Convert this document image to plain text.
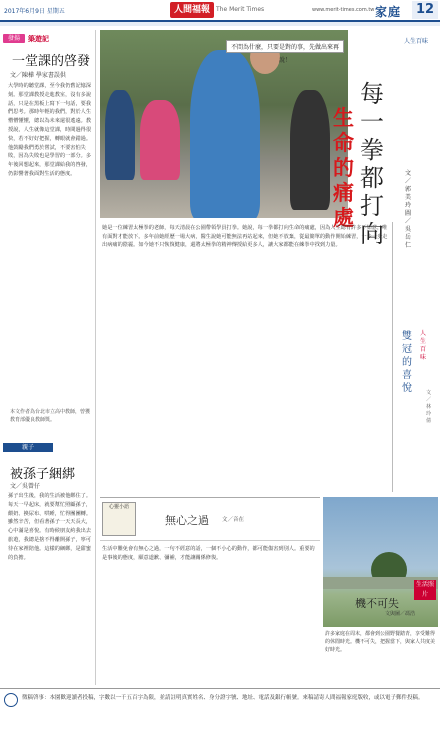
2017年6月9日 星期五	人間福報	The Merit Times	www.merit-times.com.tw 家庭	12
發揚	築遊記
一堂課的啓發
文／陳樺 學家書誤供
大學時的聽堂課，至今我仍舊記憶深刻。那堂課教授走進教室，沒有多說話，只是在黑板上寫下一句話，要我們思考。那時年輕的我們，對於人生懵懵懂懂，總以為未來還很遙遠。教授說，人生就像這堂課，時間過得很快，若不好好把握，轉眼就會錯過。他鼓勵我們勇於嘗試，不要害怕失敗，因為失敗也是學習的一部分。多年後回想起來，那堂課給我的啓發，仍影響著我面對生活的態度。
本文作者為台北市立高中教師，曾獲教育部優良教師獎。
親子
被孫子綑綁
文／吳曾仔
孫子出生後，我的生活被他綁住了。每天一早起床，就要幫忙照顧孫子，餵奶、換尿布、哄睡，忙得團團轉。雖然辛苦，但看著孫子一天天長大，心中滿是喜悅。有時候朋友約我出去旅遊，我總是捨不得離開孫子，寧可待在家裡陪他。這樣的綑綁，是甜蜜的負擔。
不問為什麼，只要是對的事，先做出來再說！
人生百味
每一拳都打向
生命的痛處
文／郭美玲 圖／吳岳仁
她是一位練習太極拳的老師，每天清晨在公園帶領學員打拳。她說，每一拳都打向生命的痛處，因為人生總有許多不如意，唯有面對才能放下。多年前她經歷一場大病，醫生說她可能無法再站起來，但她不放棄，從最簡單的動作開始練習，一步一步走出病痛的陰霾。如今她不只恢復健康，還將太極拳的精神傳授給更多人，讓大家都能在練拳中找到力量。
雙冠的喜悅
人生百味
文／林玲倩
心靈小語
無心之過 文／音在
生活中難免會有無心之過，一句不經意的話，一個不小心的動作，都可能傷害到別人。重要的是事後的態度，願意道歉、彌補，才能讓關係修復。
生活照片
機不可失
文與圖／馮浩
許多家庭在周末，都會到公園野餐踏青，享受難得的休閒時光。機不可失，把握當下，與家人共度美好時光。
徵稿啓事：本園歡迎讀者投稿，字數以一千五百字為限，並請註明真實姓名、身分證字號、地址、電話及銀行帳號。來稿請寄人間福報家庭版收，或以電子郵件投稿。
